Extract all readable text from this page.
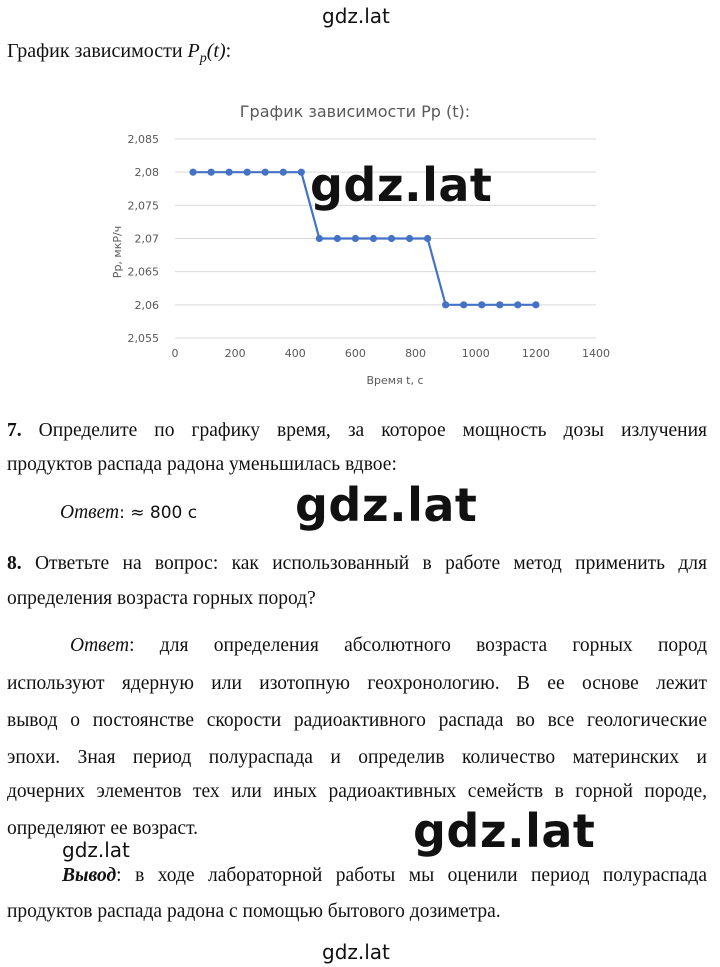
gdz.lat
График зависимости $P_p(t)$:
График зависимости Pp (t):
0	200	400	600	800	1000	1200	1400
2,055
2,06
2,065
2,07
2,075
2,08
2,085
Время t, c
Pp, мкР/ч
gdz.lat
7. Определите по графику время, за которое мощность дозы излучения
продуктов распада радона уменьшилась вдвое:
gdz.lat
Ответ: ≈ 800 c
8. Ответьте на вопрос: как использованный в работе метод применить для
определения возраста горных пород?
Ответ: для определения абсолютного возраста горных пород
используют ядерную или изотопную геохронологию. В ее основе лежит
вывод о постоянстве скорости радиоактивного распада во все геологические
эпохи. Зная период полураспада и определив количество материнских и
дочерних элементов тех или иных радиоактивных семейств в горной породе,
определяют ее возраст.	gdz.lat
gdz.lat
Вывод: в ходе лабораторной работы мы оценили период полураспада
продуктов распада радона с помощью бытового дозиметра.
gdz.lat
